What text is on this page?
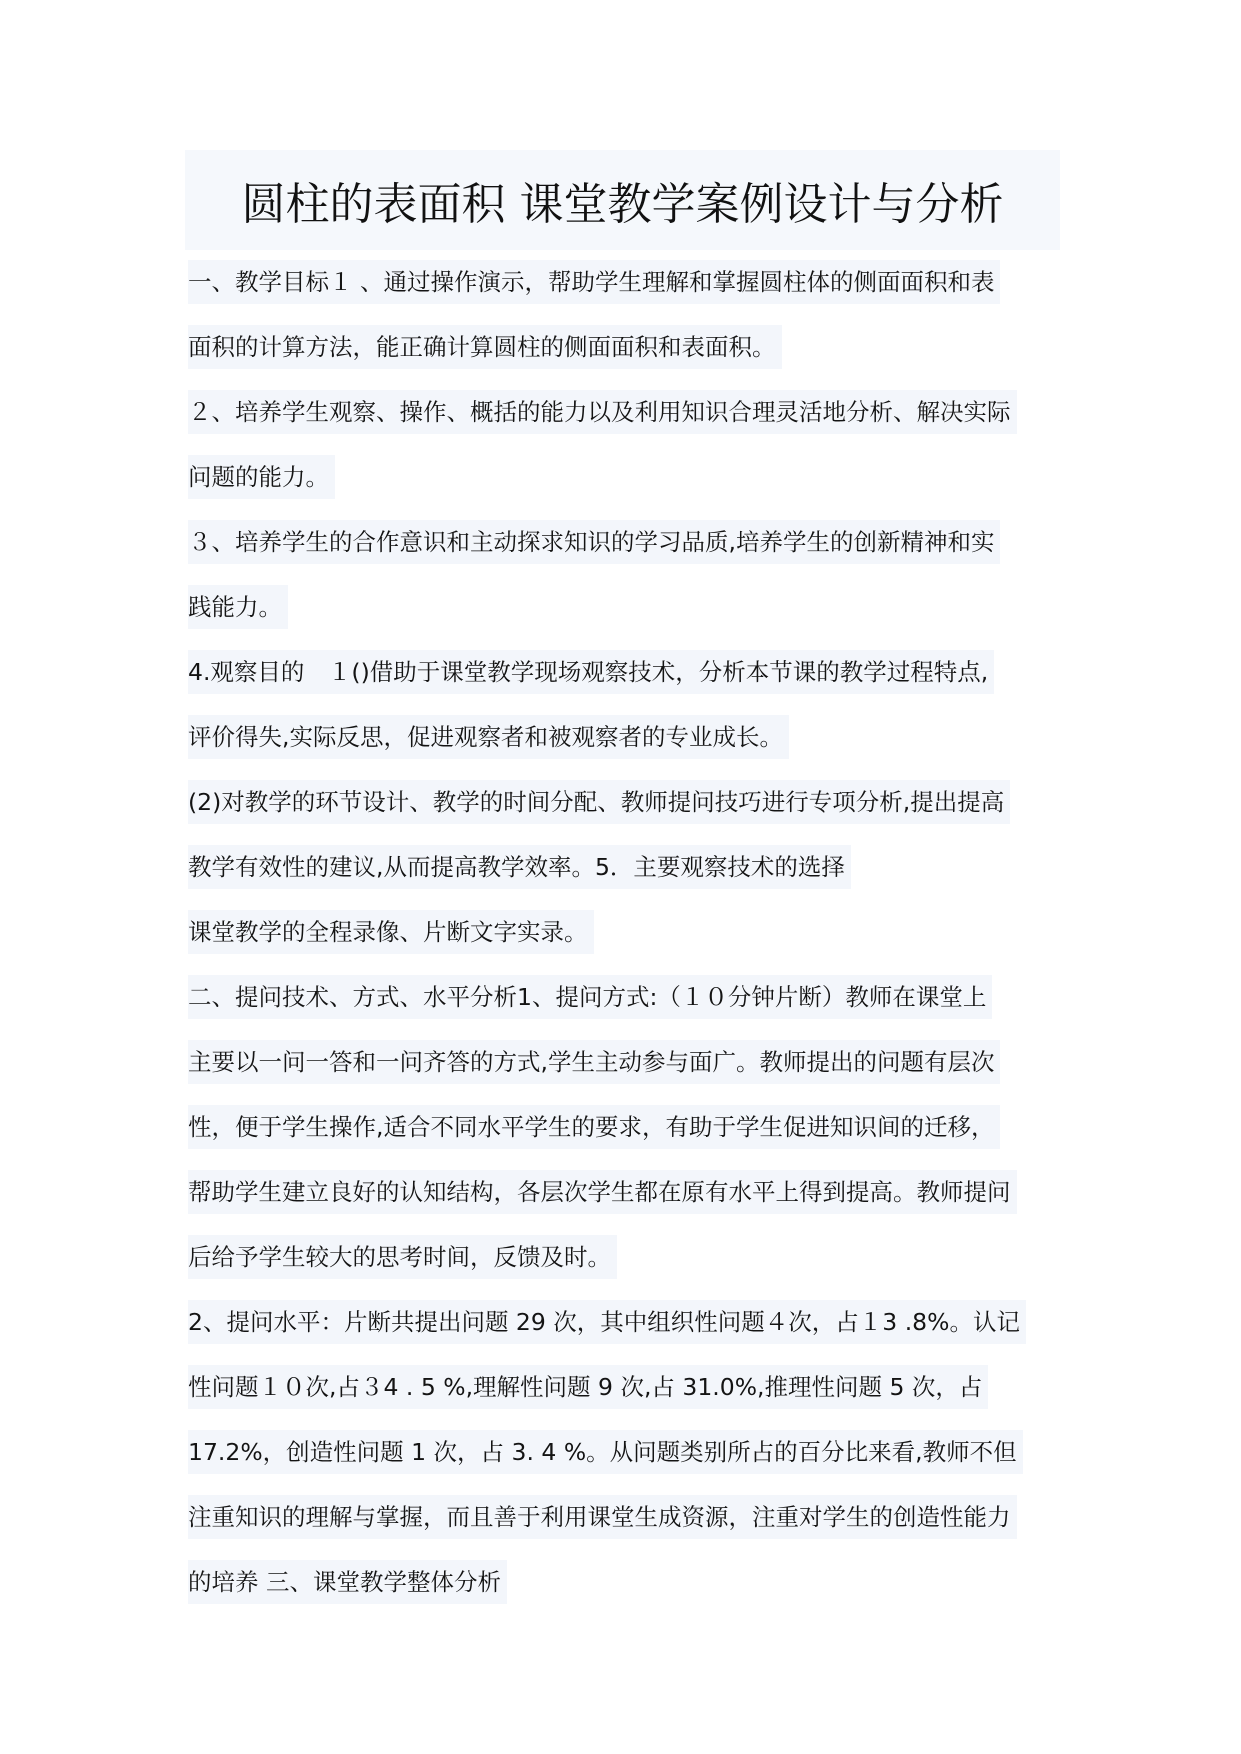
圆柱的表面积 课堂教学案例设计与分析
一、教学目标１ ﻿、通过操作演示，帮助学生理解和掌握圆柱体的侧面面积和表
面积的计算方法，能正确计算圆柱的侧面面积和表面积。
２、培养学生观察、操作、概括的能力以及利用知识合理灵活地分析、解决实际
问题的能力。
３、培养学生的合作意识和主动探求知识的学习品质,培养学生的创新精神和实
践能力。
4.观察目的　１(﻿)借助于课堂教学现场观察技术，分析本节课的教学过程特点,
评价得失,实际反思，促进观察者和被观察者的专业成长。
(2)对教学的环节设计、教学的时间分配、教师提问技巧进行专项分析,提出提高
教学有效性的建议,从而提高教学效率。5﻿．主要观察技术的选择
课堂教学的全程录像、片断文字实录。
二、提问技术、方式、水平分析1﻿、提问方式:（１０分钟片断）教师在课堂上
主要以一问一答和一问齐答的方式,学生主动参与面广。教师提出的问题有层次
性，便于学生操作,适合不同水平学生的要求，有助于学生促进知识间的迁移，
帮助学生建立良好的认知结构，各层次学生都在原有水平上得到提高。教师提问
后给予学生较大的思考时间，反馈及时。
2、提问水平：片断共提出问题 29 次，其中组织性问题４次，占１3 .8%。认记
性问题１０次,占３4 . 5 %,理解性问题 9 次,占 31.0%,推理性问题 5 次，占
17.2%，创造性问题 1 次，占 3. 4 %。从问题类别所占的百分比来看,教师不但
注重知识的理解与掌握，而且善于利用课堂生成资源，注重对学生的创造性能力
的培养﻿ 三、课堂教学整体分析
